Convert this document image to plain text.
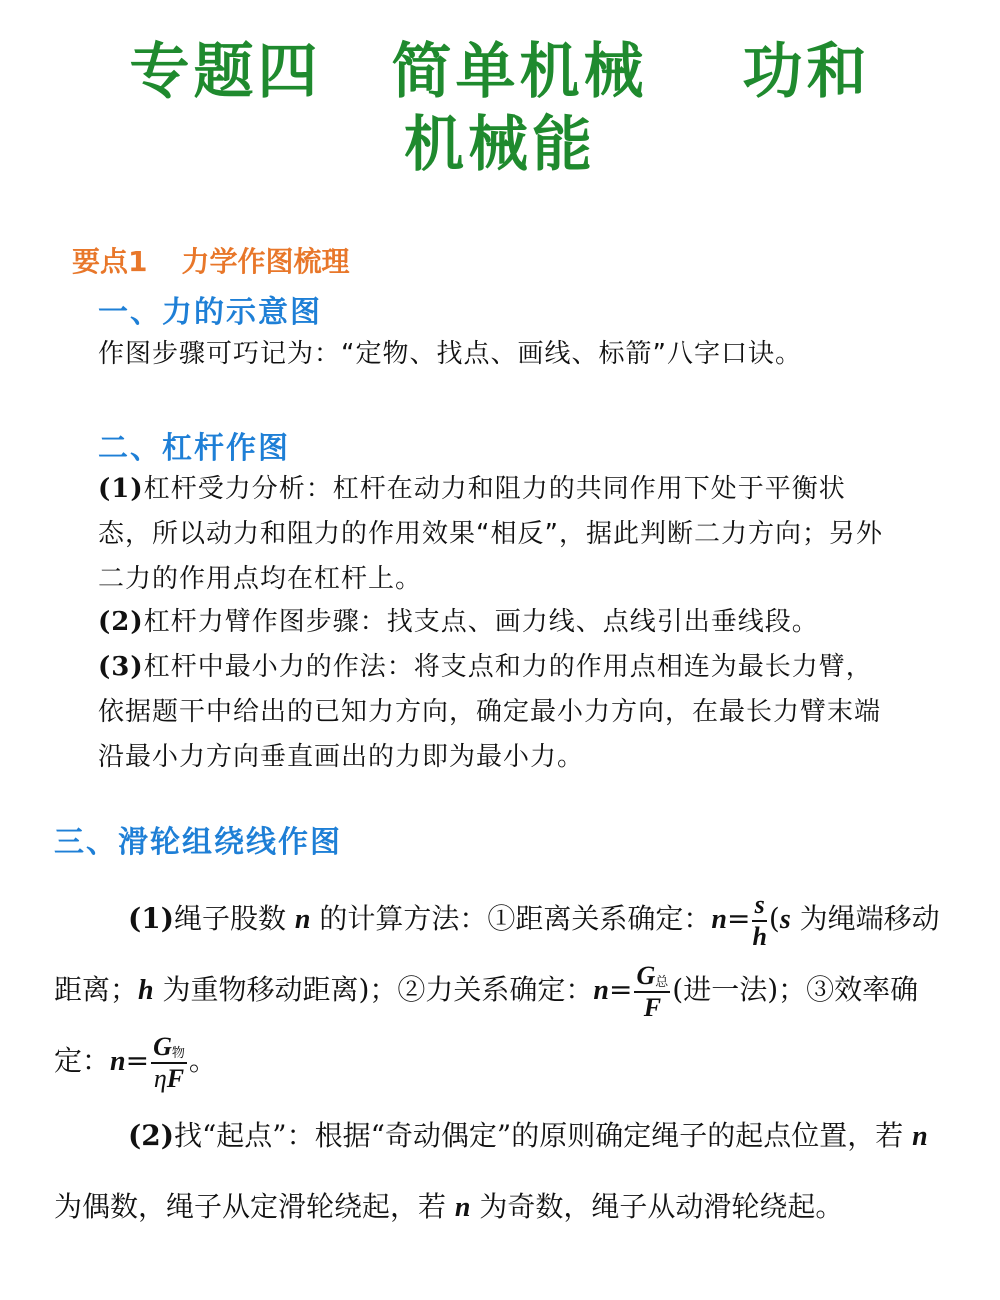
专题四 简单机械 功和
机械能
要点1 力学作图梳理
一、力的示意图
作图步骤可巧记为：“定物、找点、画线、标箭”八字口诀。
二、杠杆作图
(1)杠杆受力分析：杠杆在动力和阻力的共同作用下处于平衡状态，所以动力和阻力的作用效果“相反”，据此判断二力方向；另外二力的作用点均在杠杆上。
(2)杠杆力臂作图步骤：找支点、画力线、点线引出垂线段。
(3)杠杆中最小力的作法：将支点和力的作用点相连为最长力臂，依据题干中给出的已知力方向，确定最小力方向，在最长力臂末端沿最小力方向垂直画出的力即为最小力。
三、滑轮组绕线作图
(1)绳子股数 n 的计算方法：①距离关系确定：$n= \frac{s}{h} (s$ 为绳端移动距离；h 为重物移动距离)；②力关系确定：$n= \frac{G_总}{F}$ (进一法)；③效率确定：$n= \frac{G_物}{\eta F}$ 。
(2)找“起点”：根据“奇动偶定”的原则确定绳子的起点位置，若 n 为偶数，绳子从定滑轮绕起，若 n 为奇数，绳子从动滑轮绕起。
